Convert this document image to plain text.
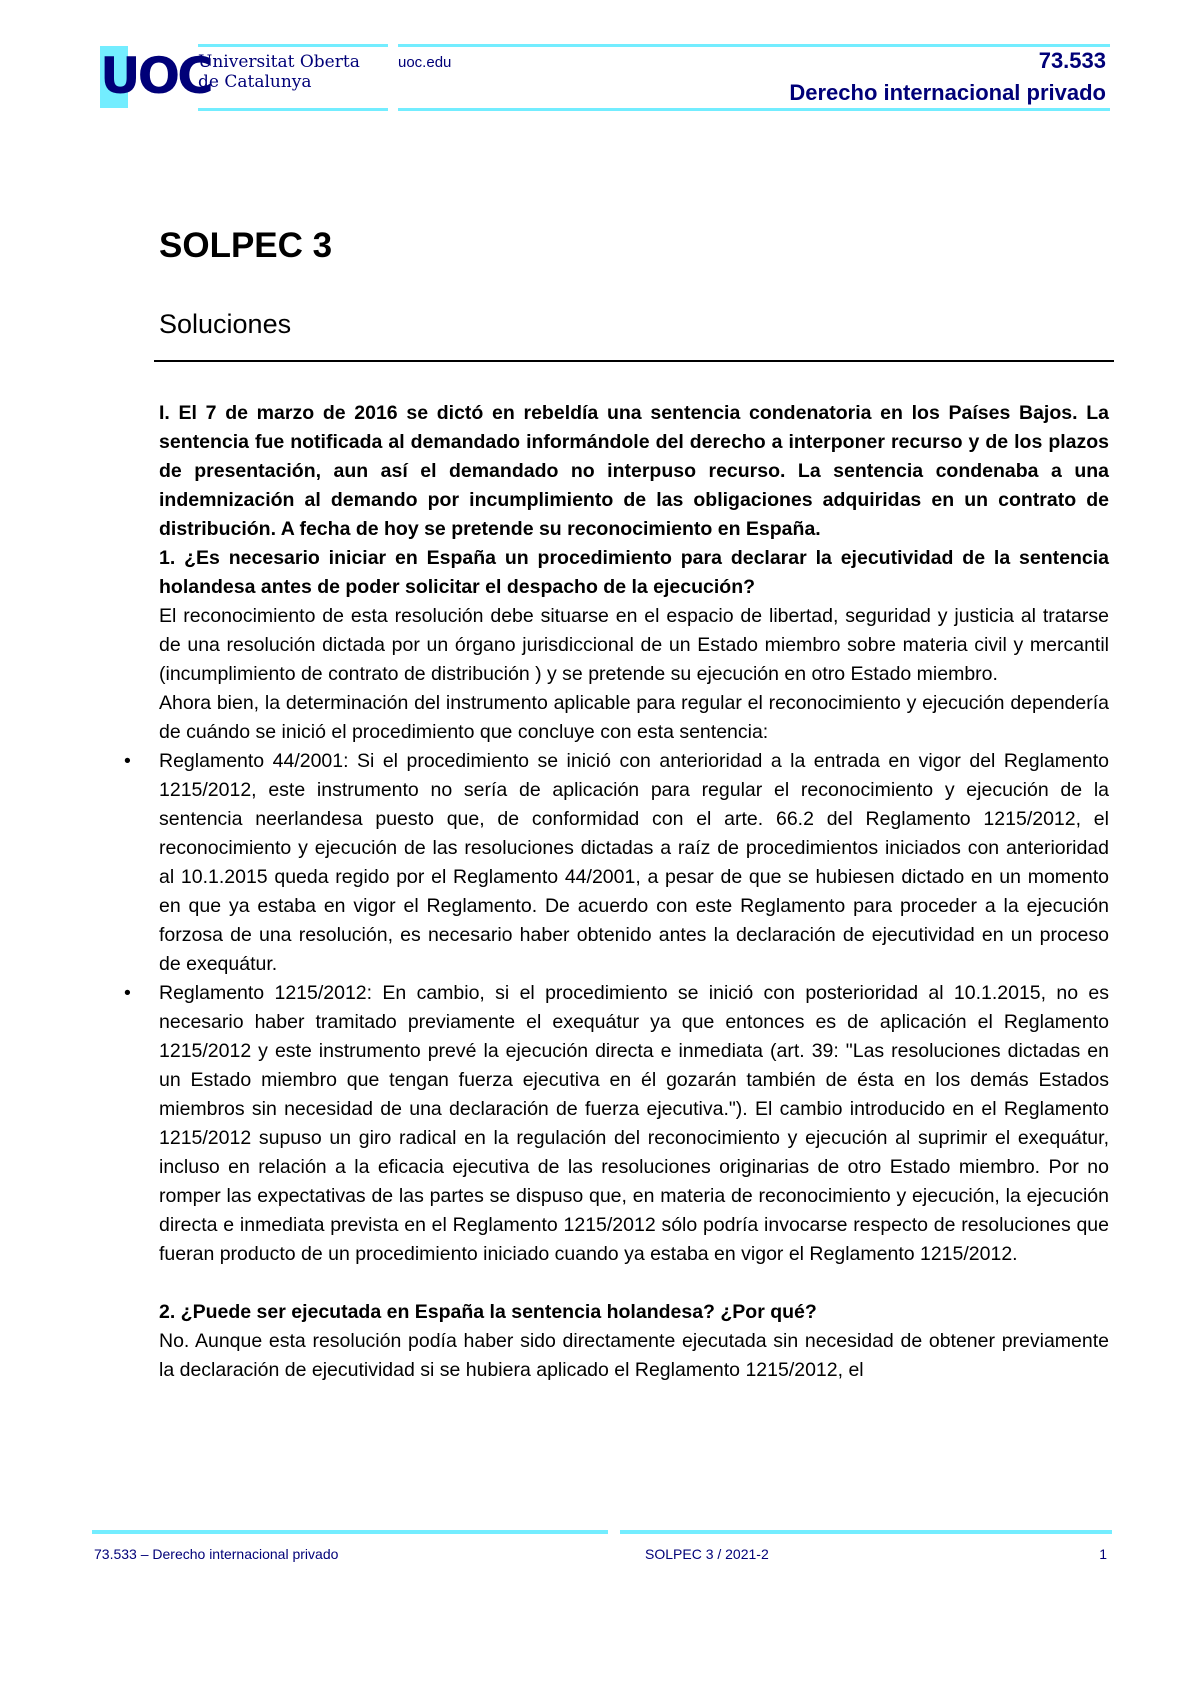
UOC
Universitat Oberta
de Catalunya
uoc.edu	73.533
Derecho internacional privado
SOLPEC 3
Soluciones

I. El 7 de marzo de 2016 se dictó en rebeldía una sentencia condenatoria en los Países Bajos. La sentencia fue notificada al demandado informándole del derecho a interponer recurso y de los plazos de presentación, aun así el demandado no interpuso recurso. La sentencia condenaba a una indemnización al demando por incumplimiento de las obligaciones adquiridas en un contrato de distribución. A fecha de hoy se pretende su reconocimiento en España.

1. ¿Es necesario iniciar en España un procedimiento para declarar la ejecutividad de la sentencia holandesa antes de poder solicitar el despacho de la ejecución?

El reconocimiento de esta resolución debe situarse en el espacio de libertad, seguridad y justicia al tratarse de una resolución dictada por un órgano jurisdiccional de un Estado miembro sobre materia civil y mercantil (incumplimiento de contrato de distribución ) y se pretende su ejecución en otro Estado miembro.

Ahora bien, la determinación del instrumento aplicable para regular el reconocimiento y ejecución dependería de cuándo se inició el procedimiento que concluye con esta sentencia:

• Reglamento 44/2001: Si el procedimiento se inició con anterioridad a la entrada en vigor del Reglamento 1215/2012, este instrumento no sería de aplicación para regular el reconocimiento y ejecución de la sentencia neerlandesa puesto que, de conformidad con el arte. 66.2 del Reglamento 1215/2012, el reconocimiento y ejecución de las resoluciones dictadas a raíz de procedimientos iniciados con anterioridad al 10.1.2015 queda regido por el Reglamento 44/2001, a pesar de que se hubiesen dictado en un momento en que ya estaba en vigor el Reglamento. De acuerdo con este Reglamento para proceder a la ejecución forzosa de una resolución, es necesario haber obtenido antes la declaración de ejecutividad en un proceso de exequátur.
• Reglamento 1215/2012: En cambio, si el procedimiento se inició con posterioridad al 10.1.2015, no es necesario haber tramitado previamente el exequátur ya que entonces es de aplicación el Reglamento 1215/2012 y este instrumento prevé la ejecución directa e inmediata (art. 39: "Las resoluciones dictadas en un Estado miembro que tengan fuerza ejecutiva en él gozarán también de ésta en los demás Estados miembros sin necesidad de una declaración de fuerza ejecutiva."). El cambio introducido en el Reglamento 1215/2012 supuso un giro radical en la regulación del reconocimiento y ejecución al suprimir el exequátur, incluso en relación a la eficacia ejecutiva de las resoluciones originarias de otro Estado miembro. Por no romper las expectativas de las partes se dispuso que, en materia de reconocimiento y ejecución, la ejecución directa e inmediata prevista en el Reglamento 1215/2012 sólo podría invocarse respecto de resoluciones que fueran producto de un procedimiento iniciado cuando ya estaba en vigor el Reglamento 1215/2012.

2. ¿Puede ser ejecutada en España la sentencia holandesa? ¿Por qué?

No. Aunque esta resolución podía haber sido directamente ejecutada sin necesidad de obtener previamente la declaración de ejecutividad si se hubiera aplicado el Reglamento 1215/2012, el

73.533 – Derecho internacional privado	SOLPEC 3 / 2021-2	1
